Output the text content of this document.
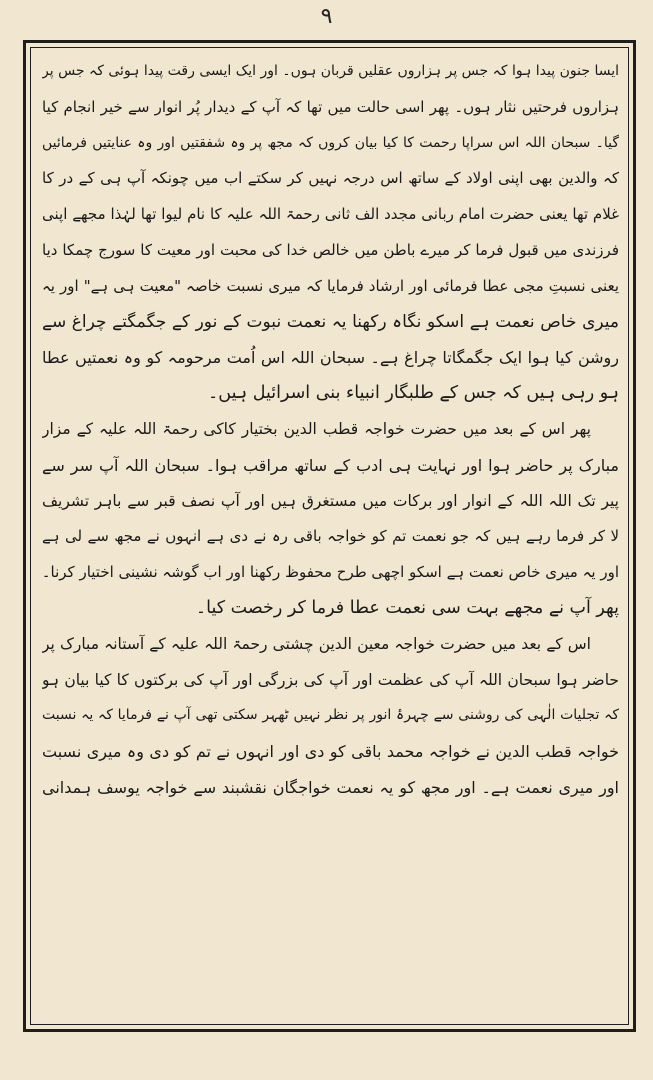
۹
ایسا جنون پیدا ہوا کہ جس پر ہزاروں عقلیں قربان ہوں۔ اور ایک ایسی رقت پیدا ہوئی کہ جس پر
ہزاروں فرحتیں نثار ہوں۔ پھر اسی حالت میں تھا کہ آپ کے دیدار پُر انوار سے خیر انجام کیا
گیا۔ سبحان اللہ اس سراپا رحمت کا کیا بیان کروں کہ مجھ پر وہ شفقتیں اور وہ عنایتیں فرمائیں
کہ والدین بھی اپنی اولاد کے ساتھ اس درجہ نہیں کر سکتے اب میں چونکہ آپ ہی کے در کا
غلام تھا یعنی حضرت امام ربانی مجدد الف ثانی رحمۃ اللہ علیہ کا نام لیوا تھا لہٰذا مجھے اپنی
فرزندی میں قبول فرما کر میرے باطن میں خالص خدا کی محبت اور معیت کا سورج چمکا دیا
یعنی نسبتِ مجی عطا فرمائی اور ارشاد فرمایا کہ میری نسبت خاصہ "معیت ہی ہے" اور یہ
میری خاص نعمت ہے اسکو نگاہ رکھنا یہ نعمت نبوت کے نور کے جگمگتے چراغ سے
روشن کیا ہوا ایک جگمگاتا چراغ ہے۔ سبحان اللہ اس اُمت مرحومہ کو وہ نعمتیں عطا
ہو رہی ہیں کہ جس کے طلبگار انبیاء بنی اسرائیل ہیں۔
پھر اس کے بعد میں حضرت خواجہ قطب الدین بختیار کاکی رحمۃ اللہ علیہ کے مزار
مبارک پر حاضر ہوا اور نہایت ہی ادب کے ساتھ مراقب ہوا۔ سبحان اللہ آپ سر سے
پیر تک اللہ اللہ کے انوار اور برکات میں مستغرق ہیں اور آپ نصف قبر سے باہر تشریف
لا کر فرما رہے ہیں کہ جو نعمت تم کو خواجہ باقی رہ نے دی ہے انہوں نے مجھ سے لی ہے
اور یہ میری خاص نعمت ہے اسکو اچھی طرح محفوظ رکھنا اور اب گوشہ نشینی اختیار کرنا۔
پھر آپ نے مجھے بہت سی نعمت عطا فرما کر رخصت کیا۔
اس کے بعد میں حضرت خواجہ معین الدین چشتی رحمۃ اللہ علیہ کے آستانہ مبارک پر
حاضر ہوا سبحان اللہ آپ کی عظمت اور آپ کی بزرگی اور آپ کی برکتوں کا کیا بیان ہو
کہ تجلیات الٰہی کی روشنی سے چہرۂ انور پر نظر نہیں ٹھہر سکتی تھی آپ نے فرمایا کہ یہ نسبت
خواجہ قطب الدین نے خواجہ محمد باقی کو دی اور انہوں نے تم کو دی وہ میری نسبت
اور میری نعمت ہے۔ اور مجھ کو یہ نعمت خواجگان نقشبند سے خواجہ یوسف ہمدانی
